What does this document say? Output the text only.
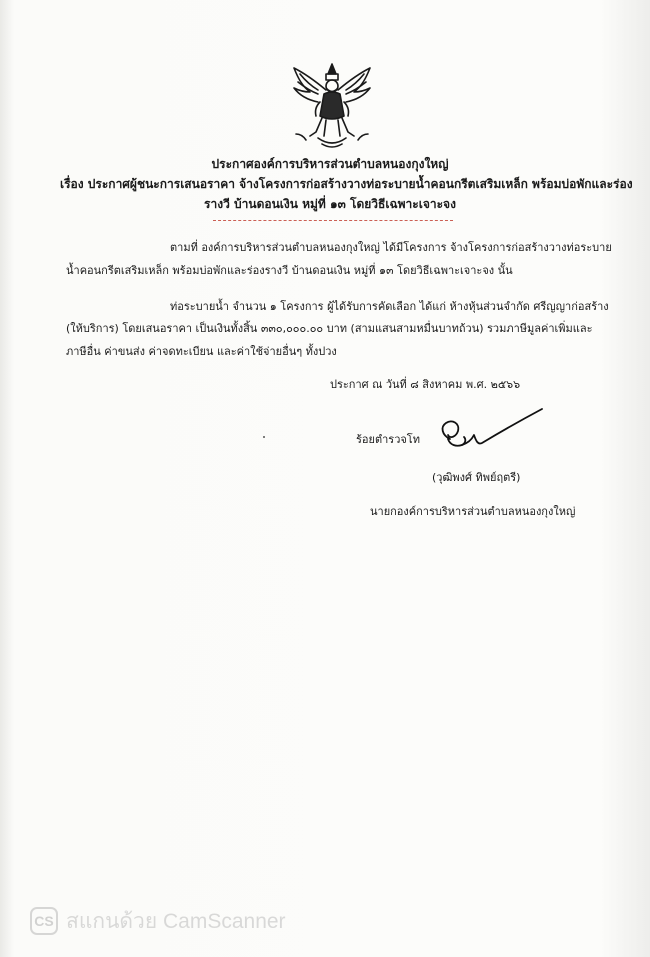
ประกาศองค์การบริหารส่วนตำบลหนองกุงใหญ่
เรื่อง ประกาศผู้ชนะการเสนอราคา จ้างโครงการก่อสร้างวางท่อระบายน้ำคอนกรีตเสริมเหล็ก พร้อมบ่อพักและร่อง
รางวี บ้านดอนเงิน หมู่ที่ ๑๓ โดยวิธีเฉพาะเจาะจง
ตามที่ องค์การบริหารส่วนตำบลหนองกุงใหญ่ ได้มีโครงการ จ้างโครงการก่อสร้างวางท่อระบาย
น้ำคอนกรีตเสริมเหล็ก พร้อมบ่อพักและร่องรางวี บ้านดอนเงิน หมู่ที่ ๑๓ โดยวิธีเฉพาะเจาะจง นั้น
ท่อระบายน้ำ จำนวน ๑ โครงการ ผู้ได้รับการคัดเลือก ได้แก่ ห้างหุ้นส่วนจำกัด ศรีญญาก่อสร้าง
(ให้บริการ) โดยเสนอราคา เป็นเงินทั้งสิ้น ๓๓๐,๐๐๐.๐๐ บาท (สามแสนสามหมื่นบาทถ้วน) รวมภาษีมูลค่าเพิ่มและ
ภาษีอื่น ค่าขนส่ง ค่าจดทะเบียน และค่าใช้จ่ายอื่นๆ ทั้งปวง
ประกาศ ณ วันที่ ๘ สิงหาคม พ.ศ. ๒๕๖๖
ร้อยตำรวจโท
(วุฒิพงศ์ ทิพย์ฤตรี)
นายกองค์การบริหารส่วนตำบลหนองกุงใหญ่
CS สแกนด้วย CamScanner
